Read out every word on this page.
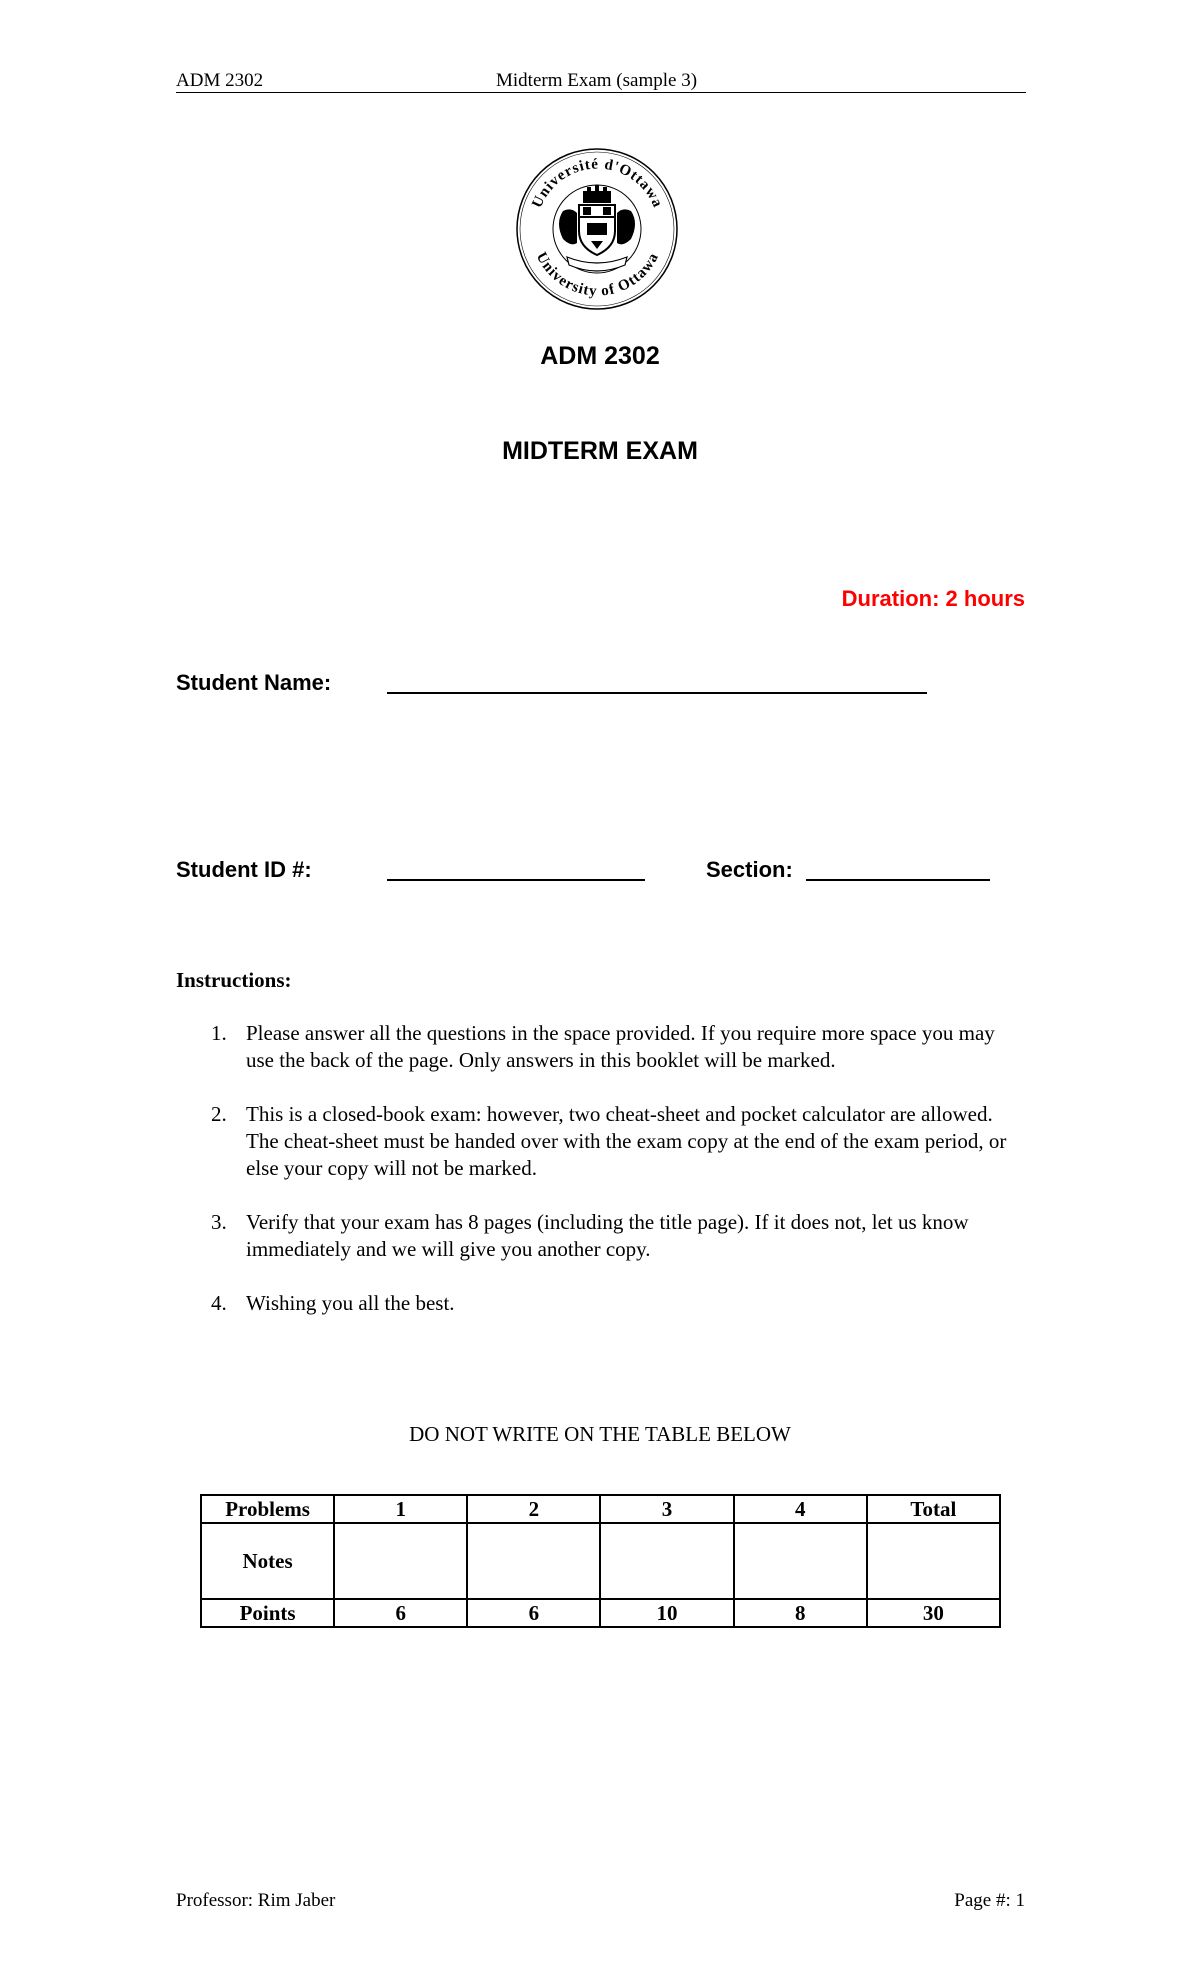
ADM 2302	Midterm Exam (sample 3)
Université d'Ottawa
University of Ottawa
ADM 2302
MIDTERM EXAM
Duration: 2 hours
Student Name:
Student ID #:	Section:
Instructions:
1. Please answer all the questions in the space provided. If you require more space you may use the back of the page. Only answers in this booklet will be marked.
2. This is a closed-book exam: however, two cheat-sheet and pocket calculator are allowed. The cheat-sheet must be handed over with the exam copy at the end of the exam period, or else your copy will not be marked.
3. Verify that your exam has 8 pages (including the title page). If it does not, let us know immediately and we will give you another copy.
4. Wishing you all the best.
DO NOT WRITE ON THE TABLE BELOW
Problems	1	2	3	4	Total
Notes					
Points	6	6	10	8	30
Professor: Rim Jaber	Page #: 1
